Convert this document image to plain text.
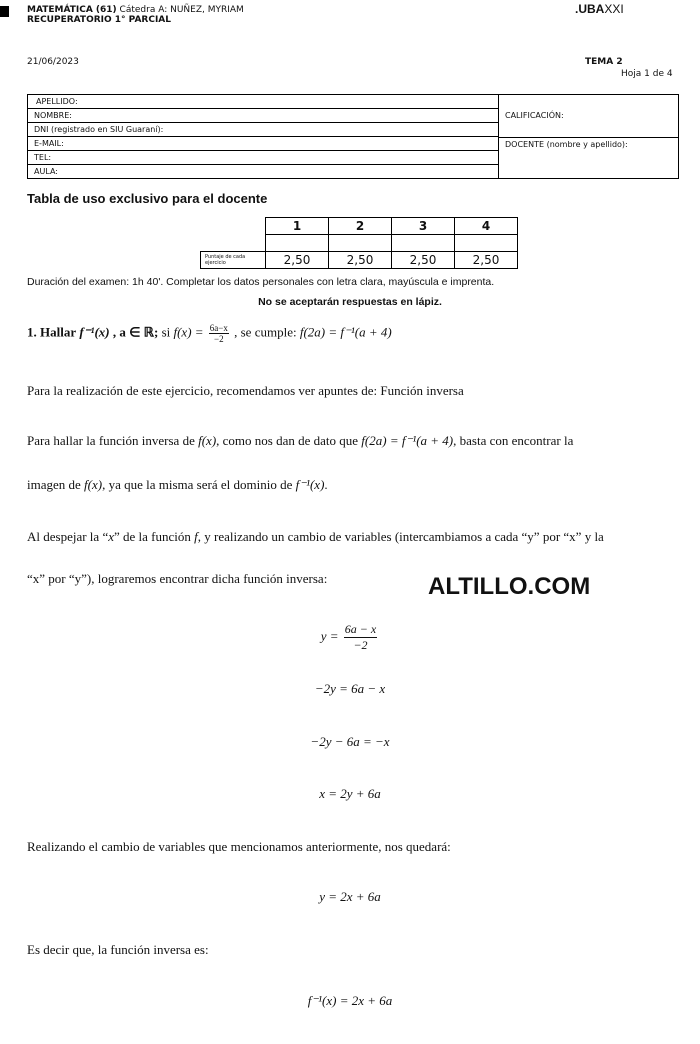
MATEMÁTICA (61) Cátedra A: NUÑEZ, MYRIAM
RECUPERATORIO 1° PARCIAL
.UBAXXI
21/06/2023	TEMA 2
Hoja 1 de 4
APELLIDO:
NOMBRE:
DNI (registrado en SIU Guaraní):
E-MAIL:
TEL:
AULA:
CALIFICACIÓN:
DOCENTE (nombre y apellido):
Tabla de uso exclusivo para el docente
	1	2	3	4

Puntaje de cada ejercicio	2,50	2,50	2,50	2,50
Duración del examen: 1h 40'. Completar los datos personales con letra clara, mayúscula e imprenta.
No se aceptarán respuestas en lápiz.
1. Hallar f⁻¹(x) , a ∈ ℝ; si $f(x) = \frac{6a-x}{-2}$ , se cumple: f(2a) = f⁻¹(a + 4)
Para la realización de este ejercicio, recomendamos ver apuntes de: Función inversa
Para hallar la función inversa de f(x), como nos dan de dato que f(2a) = f⁻¹(a + 4), basta con encontrar la
imagen de f(x), ya que la misma será el dominio de f⁻¹(x).
Al despejar la “x” de la función f, y realizando un cambio de variables (intercambiamos a cada “y” por “x” y la
“x” por “y”), lograremos encontrar dicha función inversa:	ALTILLO.COM
$y = \frac{6a - x}{-2}$
−2y = 6a − x
−2y − 6a = −x
x = 2y + 6a
Realizando el cambio de variables que mencionamos anteriormente, nos quedará:
y = 2x + 6a
Es decir que, la función inversa es:
f⁻¹(x) = 2x + 6a
